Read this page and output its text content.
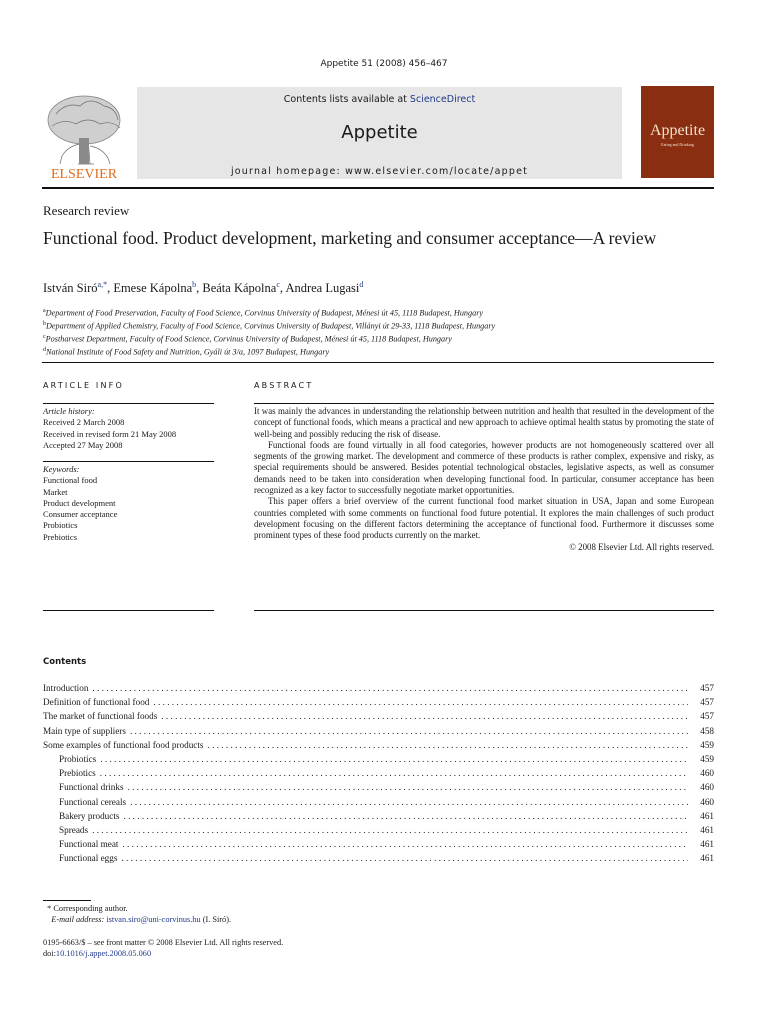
Appetite 51 (2008) 456–467
ELSEVIER
Contents lists available at ScienceDirect
Appetite
journal homepage: www.elsevier.com/locate/appet
Appetite
Eating and Drinking
Research review
Functional food. Product development, marketing and consumer acceptance—A review
István Siró$^{a,*}$, Emese Kápolna$^b$, Beáta Kápolna$^c$, Andrea Lugasi$^d$
$^a$Department of Food Preservation, Faculty of Food Science, Corvinus University of Budapest, Ménesi út 45, 1118 Budapest, Hungary
$^b$Department of Applied Chemistry, Faculty of Food Science, Corvinus University of Budapest, Villányi út 29-33, 1118 Budapest, Hungary
$^c$Postharvest Department, Faculty of Food Science, Corvinus University of Budapest, Ménesi út 45, 1118 Budapest, Hungary
$^d$National Institute of Food Safety and Nutrition, Gyáli út 3/a, 1097 Budapest, Hungary
ARTICLE INFO	ABSTRACT
Article history:
Received 2 March 2008
Received in revised form 21 May 2008
Accepted 27 May 2008
Keywords:
Functional food
Market
Product development
Consumer acceptance
Probiotics
Prebiotics

It was mainly the advances in understanding the relationship between nutrition and health that resulted in the development of the concept of functional foods, which means a practical and new approach to achieve optimal health status by promoting the state of well-being and possibly reducing the risk of disease.

Functional foods are found virtually in all food categories, however products are not homogeneously scattered over all segments of the growing market. The development and commerce of these products is rather complex, expensive and risky, as special requirements should be answered. Besides potential technological obstacles, legislative aspects, as well as consumer demands need to be taken into consideration when developing functional food. In particular, consumer acceptance has been recognized as a key factor to successfully negotiate market opportunities.

This paper offers a brief overview of the current functional food market situation in USA, Japan and some European countries completed with some comments on functional food future potential. It explores the main challenges of such product development focusing on the different factors determining the acceptance of functional food. Furthermore it discusses some prominent types of these food products currently on the market.

© 2008 Elsevier Ltd. All rights reserved.

Contents
Introduction .....	457
Definition of functional food .....	457
The market of functional foods .....	457
Main type of suppliers .....	458
Some examples of functional food products .....	459
Probiotics .....	459
Prebiotics .....	460
Functional drinks .....	460
Functional cereals .....	460
Bakery products .....	461
Spreads .....	461
Functional meat .....	461
Functional eggs .....	461
* Corresponding author.
E-mail address: istvan.siro@uni-corvinus.hu (I. Siró).
0195-6663/$ – see front matter © 2008 Elsevier Ltd. All rights reserved.
doi:10.1016/j.appet.2008.05.060
